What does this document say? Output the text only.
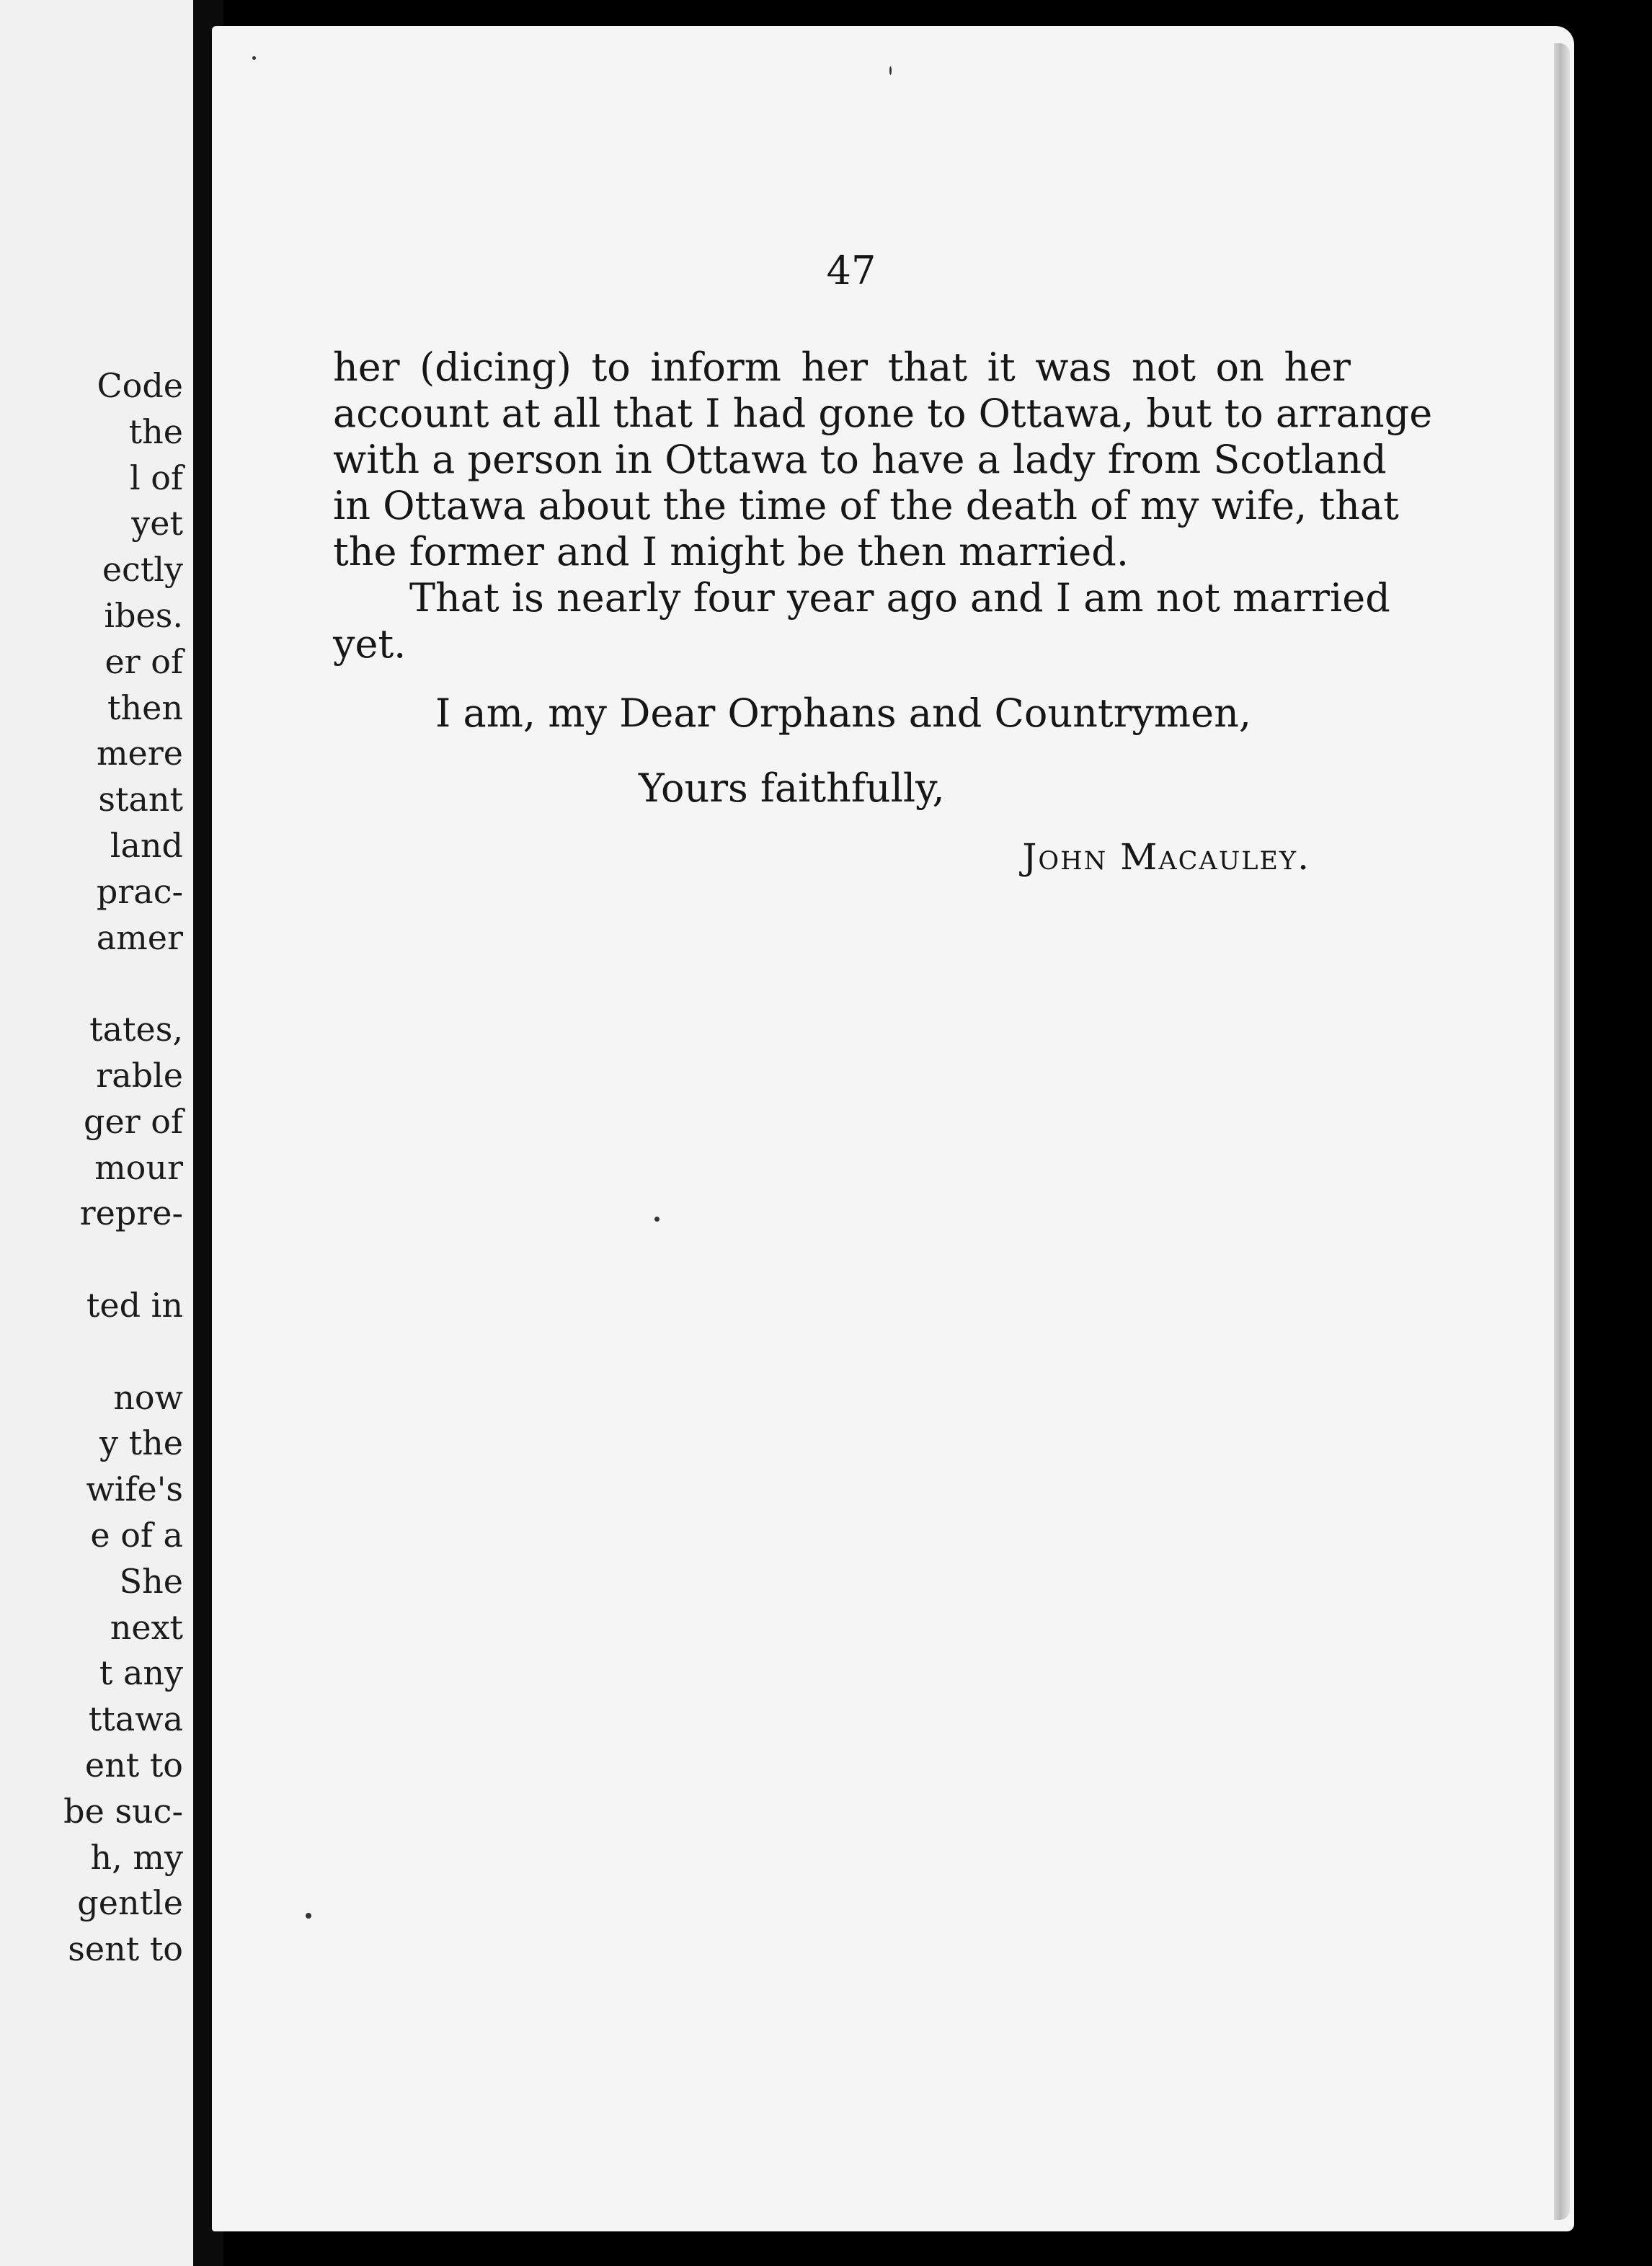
Code
the
l of
yet
ectly
ibes.
er of
then
mere
stant
land
prac-
amer
tates,
rable
ger of
mour
repre-
ted in
now
y the
wife's
e of a
She
next
t any
ttawa
ent to
be suc-
h, my
gentle
sent to
47
her (dicing) to inform her that it was not on her
account at all that I had gone to Ottawa, but to arrange
with a person in Ottawa to have a lady from Scotland
in Ottawa about the time of the death of my wife, that
the former and I might be then married.
That is nearly four year ago and I am not married
yet.
I am, my Dear Orphans and Countrymen,
Yours faithfully,
John Macauley.
